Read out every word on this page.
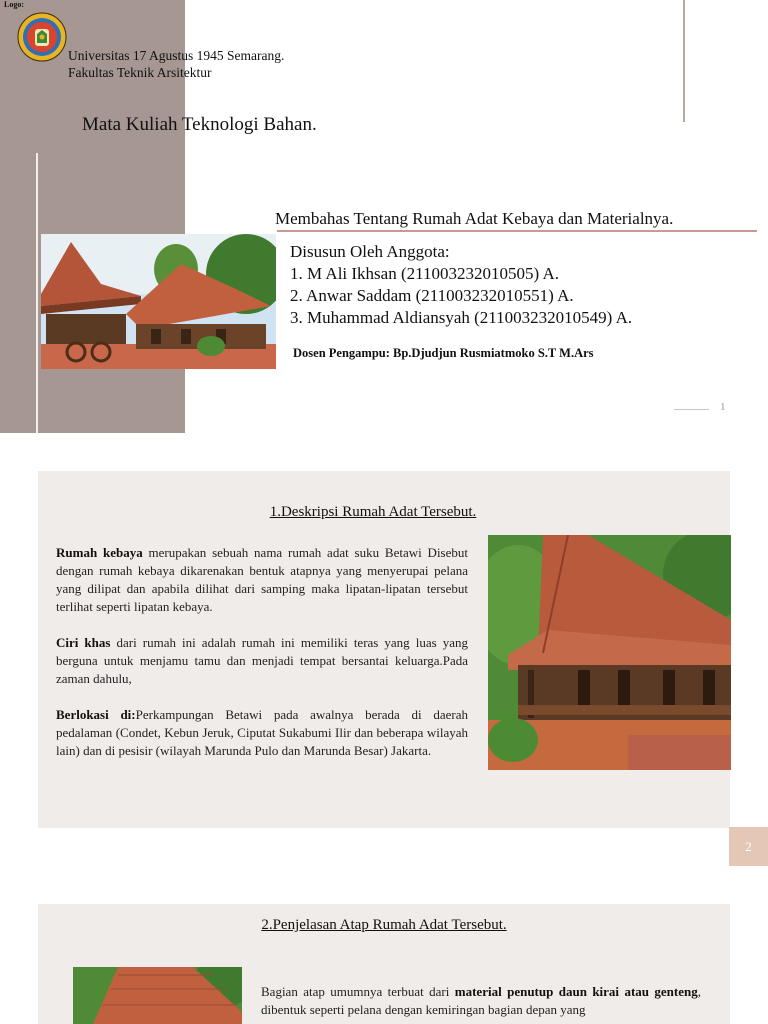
Logo:
Universitas 17 Agustus 1945 Semarang.
Fakultas Teknik Arsitektur
Mata Kuliah Teknologi Bahan.
Membahas Tentang Rumah Adat Kebaya dan Materialnya.
Disusun Oleh Anggota:
1. M Ali Ikhsan (211003232010505) A.
2. Anwar Saddam (211003232010551) A.
3. Muhammad Aldiansyah (211003232010549) A.
Dosen Pengampu: Bp.Djudjun Rusmiatmoko S.T M.Ars
1
1.Deskripsi Rumah Adat Tersebut.

Rumah kebaya merupakan sebuah nama rumah adat suku Betawi Disebut dengan rumah kebaya dikarenakan bentuk atapnya yang menyerupai pelana yang dilipat dan apabila dilihat dari samping maka lipatan-lipatan tersebut terlihat seperti lipatan kebaya.

Ciri khas dari rumah ini adalah rumah ini memiliki teras yang luas yang berguna untuk menjamu tamu dan menjadi tempat bersantai keluarga.Pada zaman dahulu,

Berlokasi di:Perkampungan Betawi pada awalnya berada di daerah pedalaman (Condet, Kebun Jeruk, Ciputat Sukabumi Ilir dan beberapa wilayah lain) dan di pesisir (wilayah Marunda Pulo dan Marunda Besar) Jakarta.

2
2.Penjelasan Atap Rumah Adat Tersebut.
Bagian atap umumnya terbuat dari material penutup daun kirai atau genteng, dibentuk seperti pelana dengan kemiringan bagian depan yang
